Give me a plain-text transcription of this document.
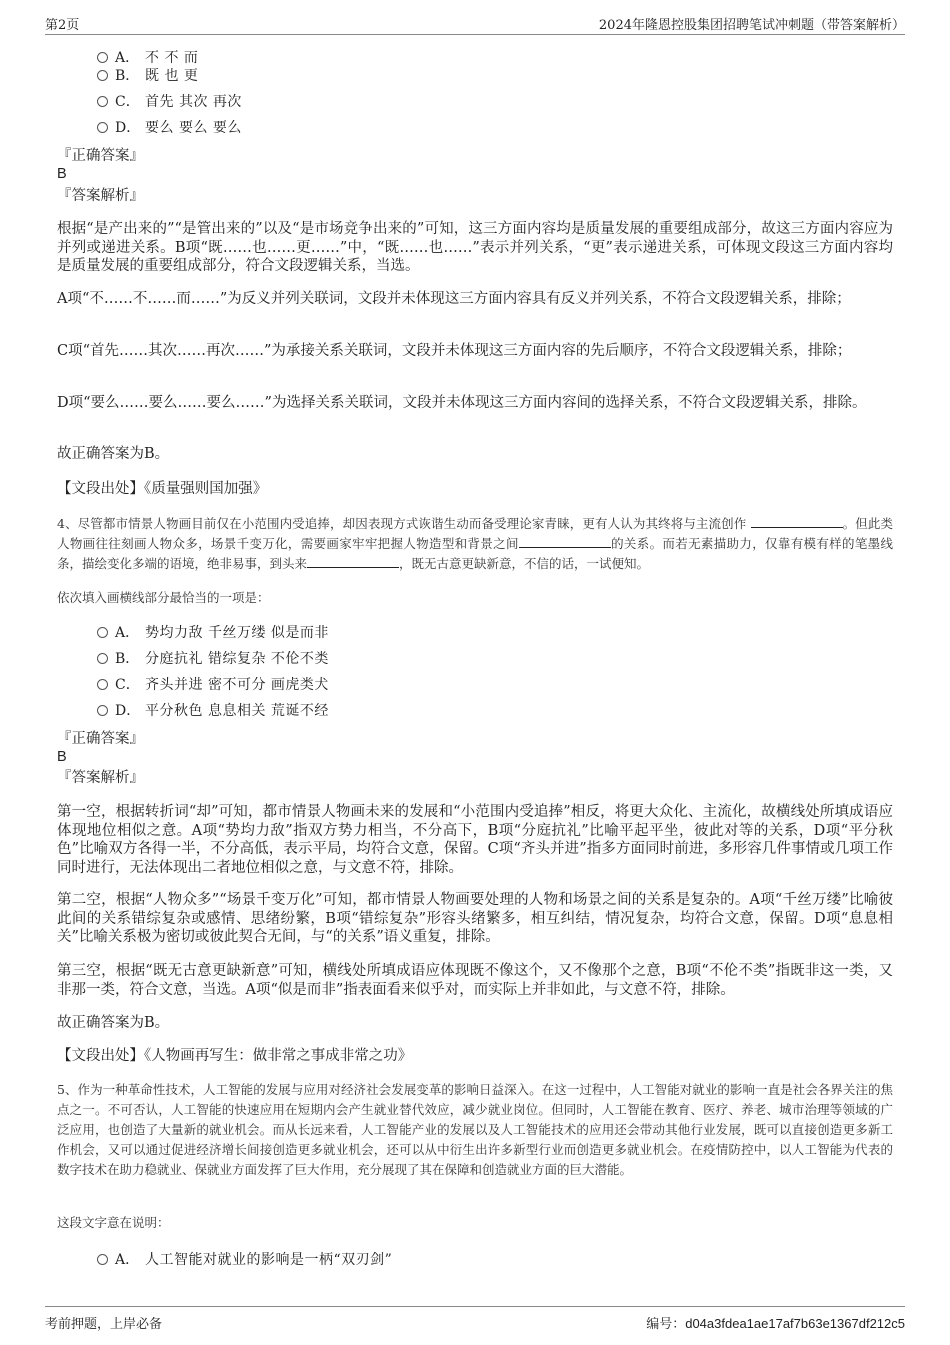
第2页	2024年隆恩控股集团招聘笔试冲刺题（带答案解析）
A． 不 不 而
B． 既 也 更
C． 首先 其次 再次
D． 要么 要么 要么
『正确答案』
B
『答案解析』
根据“是产出来的”“是管出来的”以及“是市场竞争出来的”可知，这三方面内容均是质量发展的重要组成部分，故这三方面内容应为并列或递进关系。B项“既……也……更……”中，“既……也……”表示并列关系，“更”表示递进关系，可体现文段这三方面内容均是质量发展的重要组成部分，符合文段逻辑关系，当选。
A项“不……不……而……”为反义并列关联词，文段并未体现这三方面内容具有反义并列关系，不符合文段逻辑关系，排除；
C项“首先……其次……再次……”为承接关系关联词，文段并未体现这三方面内容的先后顺序，不符合文段逻辑关系，排除；
D项“要么……要么……要么……”为选择关系关联词，文段并未体现这三方面内容间的选择关系，不符合文段逻辑关系，排除。
故正确答案为B。
【文段出处】《质量强则国加强》
4、尽管都市情景人物画目前仅在小范围内受追捧，却因表现方式诙谐生动而备受理论家青睐，更有人认为其终将与主流创作	。但此类人物画往往刻画人物众多，场景千变万化，需要画家牢牢把握人物造型和背景之间	的关系。而若无素描助力，仅靠有模有样的笔墨线条，描绘变化多端的语境，绝非易事，到头来	，既无古意更缺新意，不信的话，一试便知。
依次填入画横线部分最恰当的一项是：
A． 势均力敌 千丝万缕 似是而非
B． 分庭抗礼 错综复杂 不伦不类
C． 齐头并进 密不可分 画虎类犬
D． 平分秋色 息息相关 荒诞不经
『正确答案』
B
『答案解析』
第一空，根据转折词“却”可知，都市情景人物画未来的发展和“小范围内受追捧”相反，将更大众化、主流化，故横线处所填成语应体现地位相似之意。A项“势均力敌”指双方势力相当，不分高下，B项“分庭抗礼”比喻平起平坐，彼此对等的关系，D项“平分秋色”比喻双方各得一半，不分高低，表示平局，均符合文意，保留。C项“齐头并进”指多方面同时前进，多形容几件事情或几项工作同时进行，无法体现出二者地位相似之意，与文意不符，排除。
第二空，根据“人物众多”“场景千变万化”可知，都市情景人物画要处理的人物和场景之间的关系是复杂的。A项“千丝万缕”比喻彼此间的关系错综复杂或感情、思绪纷繁，B项“错综复杂”形容头绪繁多，相互纠结，情况复杂，均符合文意，保留。D项“息息相关”比喻关系极为密切或彼此契合无间，与“的关系”语义重复，排除。
第三空，根据“既无古意更缺新意”可知，横线处所填成语应体现既不像这个，又不像那个之意，B项“不伦不类”指既非这一类，又非那一类，符合文意，当选。A项“似是而非”指表面看来似乎对，而实际上并非如此，与文意不符，排除。
故正确答案为B。
【文段出处】《人物画再写生：做非常之事成非常之功》
5、作为一种革命性技术，人工智能的发展与应用对经济社会发展变革的影响日益深入。在这一过程中，人工智能对就业的影响一直是社会各界关注的焦点之一。不可否认，人工智能的快速应用在短期内会产生就业替代效应，减少就业岗位。但同时，人工智能在教育、医疗、养老、城市治理等领域的广泛应用，也创造了大量新的就业机会。而从长远来看，人工智能产业的发展以及人工智能技术的应用还会带动其他行业发展，既可以直接创造更多新工作机会，又可以通过促进经济增长间接创造更多就业机会，还可以从中衍生出许多新型行业而创造更多就业机会。在疫情防控中，以人工智能为代表的数字技术在助力稳就业、保就业方面发挥了巨大作用，充分展现了其在保障和创造就业方面的巨大潜能。
这段文字意在说明：
A． 人工智能对就业的影响是一柄“双刃剑”
考前押题，上岸必备	编号：d04a3fdea1ae17af7b63e1367df212c5
